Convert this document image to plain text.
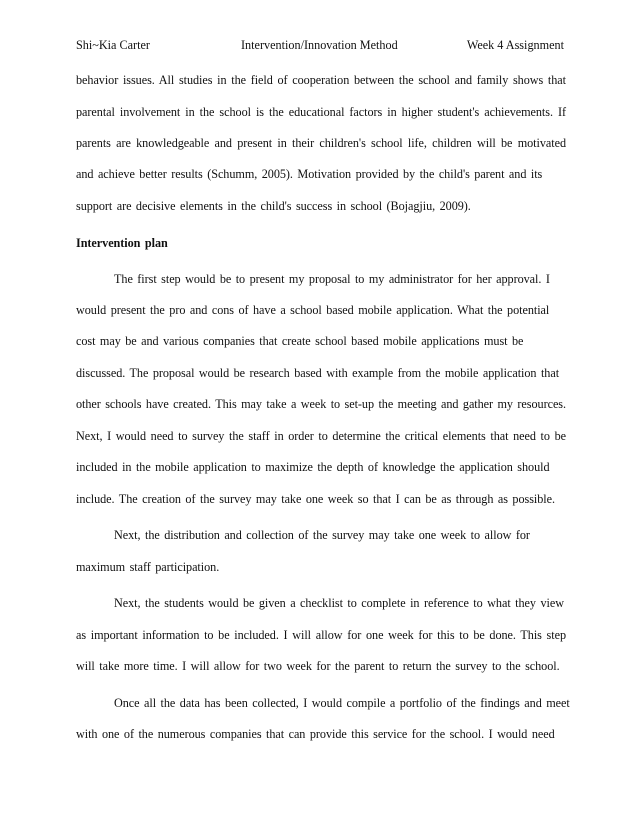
Shi~Kia Carter	Intervention/Innovation Method	Week 4 Assignment
behavior issues. All studies in the field of cooperation between the school and family shows that
parental involvement in the school is the educational factors in higher student's achievements. If
parents are knowledgeable and present in their children's school life, children will be motivated
and achieve better results (Schumm, 2005). Motivation provided by the child's parent and its
support are decisive elements in the child's success in school (Bojagjiu, 2009).
Intervention plan
The first step would be to present my proposal to my administrator for her approval. I
would present the pro and cons of have a school based mobile application. What the potential
cost may be and various companies that create school based mobile applications must be
discussed. The proposal would be research based with example from the mobile application that
other schools have created. This may take a week to set-up the meeting and gather my resources.
Next, I would need to survey the staff in order to determine the critical elements that need to be
included in the mobile application to maximize the depth of knowledge the application should
include. The creation of the survey may take one week so that I can be as through as possible.
Next, the distribution and collection of the survey may take one week to allow for
maximum staff participation.
Next, the students would be given a checklist to complete in reference to what they view
as important information to be included. I will allow for one week for this to be done. This step
will take more time. I will allow for two week for the parent to return the survey to the school.
Once all the data has been collected, I would compile a portfolio of the findings and meet
with one of the numerous companies that can provide this service for the school. I would need
